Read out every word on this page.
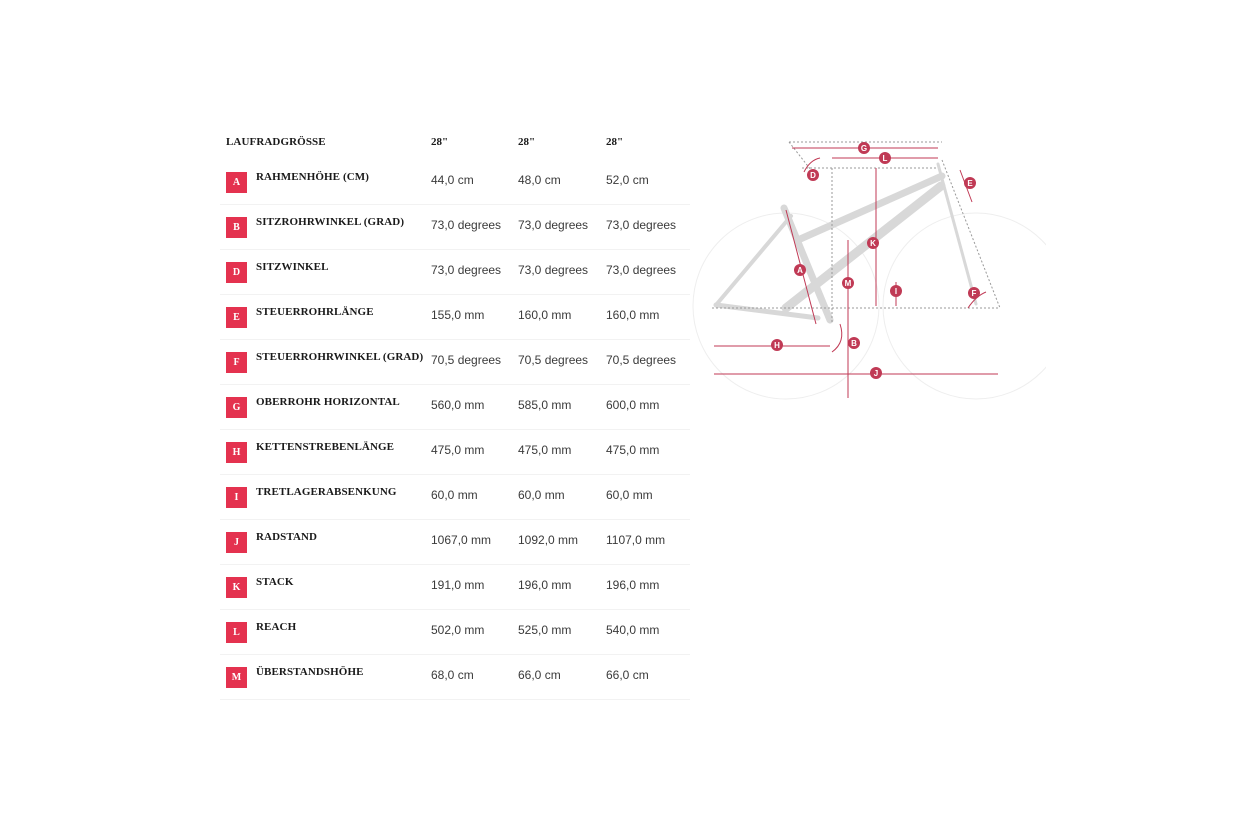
LAUFRADGRÖSSE	28"	28"	28"
A	RAHMENHÖHE (CM)	44,0 cm	48,0 cm	52,0 cm
B	SITZROHRWINKEL (GRAD) 73,0 degrees 73,0 degrees 73,0 degrees
D	SITZWINKEL	73,0 degrees 73,0 degrees 73,0 degrees
E	STEUERROHRLÄNGE	155,0 mm	160,0 mm	160,0 mm
F	STEUERROHRWINKEL (GRAD) 70,5 degrees 70,5 degrees 70,5 degrees
G	OBERROHR HORIZONTAL	560,0 mm	585,0 mm	600,0 mm
H	KETTENSTREBENLÄNGE	475,0 mm	475,0 mm	475,0 mm
I	TRETLAGERABSENKUNG	60,0 mm	60,0 mm	60,0 mm
J	RADSTAND	1067,0 mm 1092,0 mm 1107,0 mm
K	STACK	191,0 mm	196,0 mm	196,0 mm
L	REACH	502,0 mm	525,0 mm	540,0 mm
M	ÜBERSTANDSHÖHE	68,0 cm	66,0 cm	66,0 cm
G
L
D
E
K
A
M
I	F
H	B
J
